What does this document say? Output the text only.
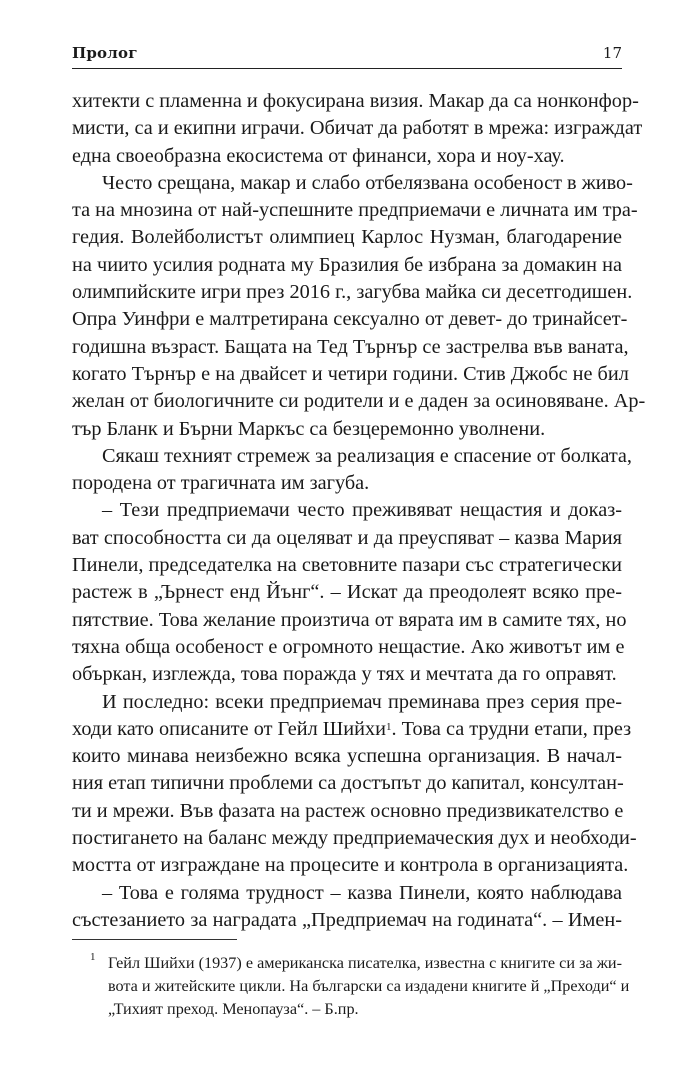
Пролог	17
хитекти с пламенна и фокусирана визия. Макар да са нонконфор-
мисти, са и екипни играчи. Обичат да работят в мрежа: изграждат
една своеобразна екосистема от финанси, хора и ноу-хау.
Често срещана, макар и слабо отбелязвана особеност в живо-
та на мнозина от най-успешните предприемачи е личната им тра-
гедия. Волейболистът олимпиец Карлос Нузман, благодарение
на чиито усилия родната му Бразилия бе избрана за домакин на
олимпийските игри през 2016 г., загубва майка си десетгодишен.
Опра Уинфри е малтретирана сексуално от девет- до тринайсет-
годишна възраст. Бащата на Тед Търнър се застрелва във ваната,
когато Търнър е на двайсет и четири години. Стив Джобс не бил
желан от биологичните си родители и е даден за осиновяване. Ар-
тър Бланк и Бърни Маркъс са безцеремонно уволнени.
Сякаш техният стремеж за реализация е спасение от болката,
породена от трагичната им загуба.
– Тези предприемачи често преживяват нещастия и доказ-
ват способността си да оцеляват и да преуспяват – казва Мария
Пинели, председателка на световните пазари със стратегически
растеж в „Ърнест енд Йънг“. – Искат да преодолеят всяко пре-
пятствие. Това желание произтича от вярата им в самите тях, но
тяхна обща особеност е огромното нещастие. Ако животът им е
объркан, изглежда, това поражда у тях и мечтата да го оправят.
И последно: всеки предприемач преминава през серия пре-
ходи като описаните от Гейл Шийхи$^1$. Това са трудни етапи, през
които минава неизбежно всяка успешна организация. В начал-
ния етап типични проблеми са достъпът до капитал, консултан-
ти и мрежи. Във фазата на растеж основно предизвикателство е
постигането на баланс между предприемаческия дух и необходи-
мостта от изграждане на процесите и контрола в организацията.
– Това е голяма трудност – казва Пинели, която наблюдава
състезанието за наградата „Предприемач на годината“. – Имен-
1 Гейл Шийхи (1937) е американска писателка, известна с книгите си за жи-
вота и житейските цикли. На български са издадени книгите й „Преходи“ и
„Тихият преход. Менопауза“. – Б.пр.
